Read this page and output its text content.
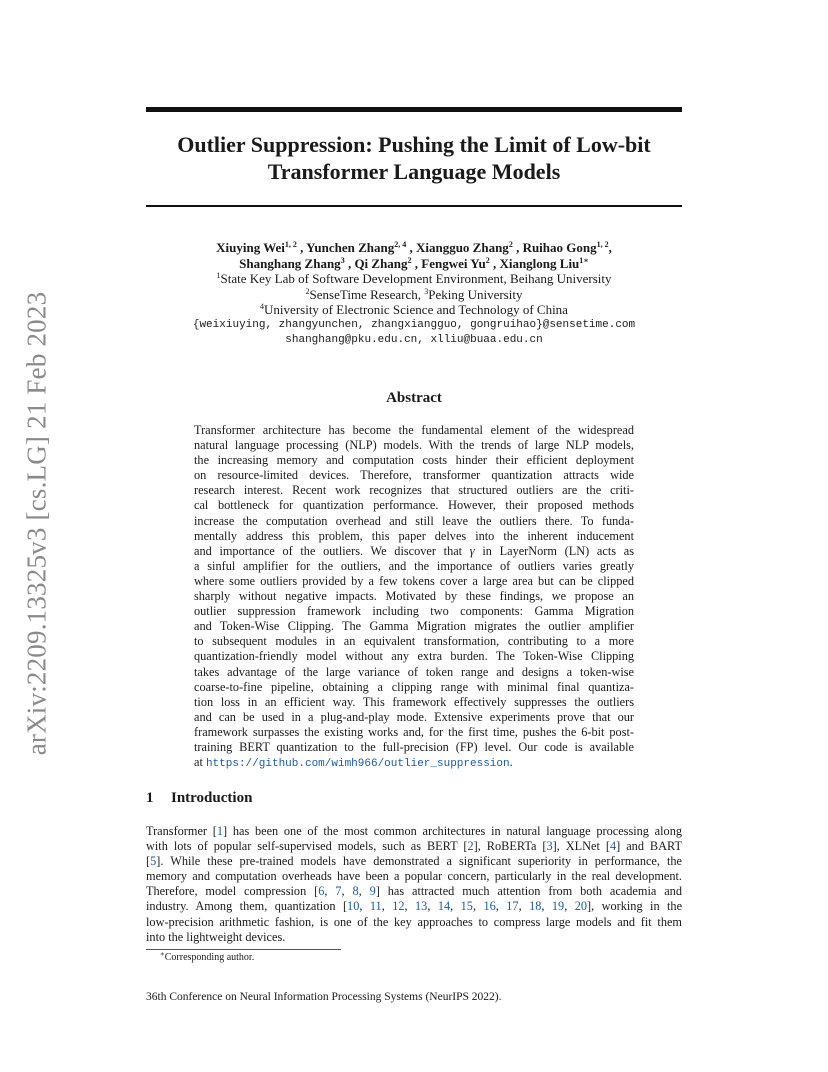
arXiv:2209.13325v3 [cs.LG] 21 Feb 2023
Outlier Suppression: Pushing the Limit of Low-bit
Transformer Language Models
Xiuying Wei$^{1, 2}$ , Yunchen Zhang$^{2, 4}$ , Xiangguo Zhang$^2$ , Ruihao Gong$^{1, 2}$,
Shanghang Zhang$^3$ , Qi Zhang$^2$ , Fengwei Yu$^2$ , Xianglong Liu$^{1∗}$
$^1$State Key Lab of Software Development Environment, Beihang University
$^2$SenseTime Research, $^3$Peking University
$^4$University of Electronic Science and Technology of China
{weixiuying, zhangyunchen, zhangxiangguo, gongruihao}@sensetime.com
shanghang@pku.edu.cn, xlliu@buaa.edu.cn
Abstract
Transformer architecture has become the fundamental element of the widespread
natural language processing (NLP) models. With the trends of large NLP models,
the increasing memory and computation costs hinder their efficient deployment
on resource-limited devices. Therefore, transformer quantization attracts wide
research interest. Recent work recognizes that structured outliers are the criti-
cal bottleneck for quantization performance. However, their proposed methods
increase the computation overhead and still leave the outliers there. To funda-
mentally address this problem, this paper delves into the inherent inducement
and importance of the outliers. We discover that γ in LayerNorm (LN) acts as
a sinful amplifier for the outliers, and the importance of outliers varies greatly
where some outliers provided by a few tokens cover a large area but can be clipped
sharply without negative impacts. Motivated by these findings, we propose an
outlier suppression framework including two components: Gamma Migration
and Token-Wise Clipping. The Gamma Migration migrates the outlier amplifier
to subsequent modules in an equivalent transformation, contributing to a more
quantization-friendly model without any extra burden. The Token-Wise Clipping
takes advantage of the large variance of token range and designs a token-wise
coarse-to-fine pipeline, obtaining a clipping range with minimal final quantiza-
tion loss in an efficient way. This framework effectively suppresses the outliers
and can be used in a plug-and-play mode. Extensive experiments prove that our
framework surpasses the existing works and, for the first time, pushes the 6-bit post-
training BERT quantization to the full-precision (FP) level. Our code is available
at https://github.com/wimh966/outlier_suppression.
1 Introduction
Transformer [1] has been one of the most common architectures in natural language processing along
with lots of popular self-supervised models, such as BERT [2], RoBERTa [3], XLNet [4] and BART
[5]. While these pre-trained models have demonstrated a significant superiority in performance, the
memory and computation overheads have been a popular concern, particularly in the real development.
Therefore, model compression [6, 7, 8, 9] has attracted much attention from both academia and
industry. Among them, quantization [10, 11, 12, 13, 14, 15, 16, 17, 18, 19, 20], working in the
low-precision arithmetic fashion, is one of the key approaches to compress large models and fit them
into the lightweight devices.

∗Corresponding author.

36th Conference on Neural Information Processing Systems (NeurIPS 2022).
